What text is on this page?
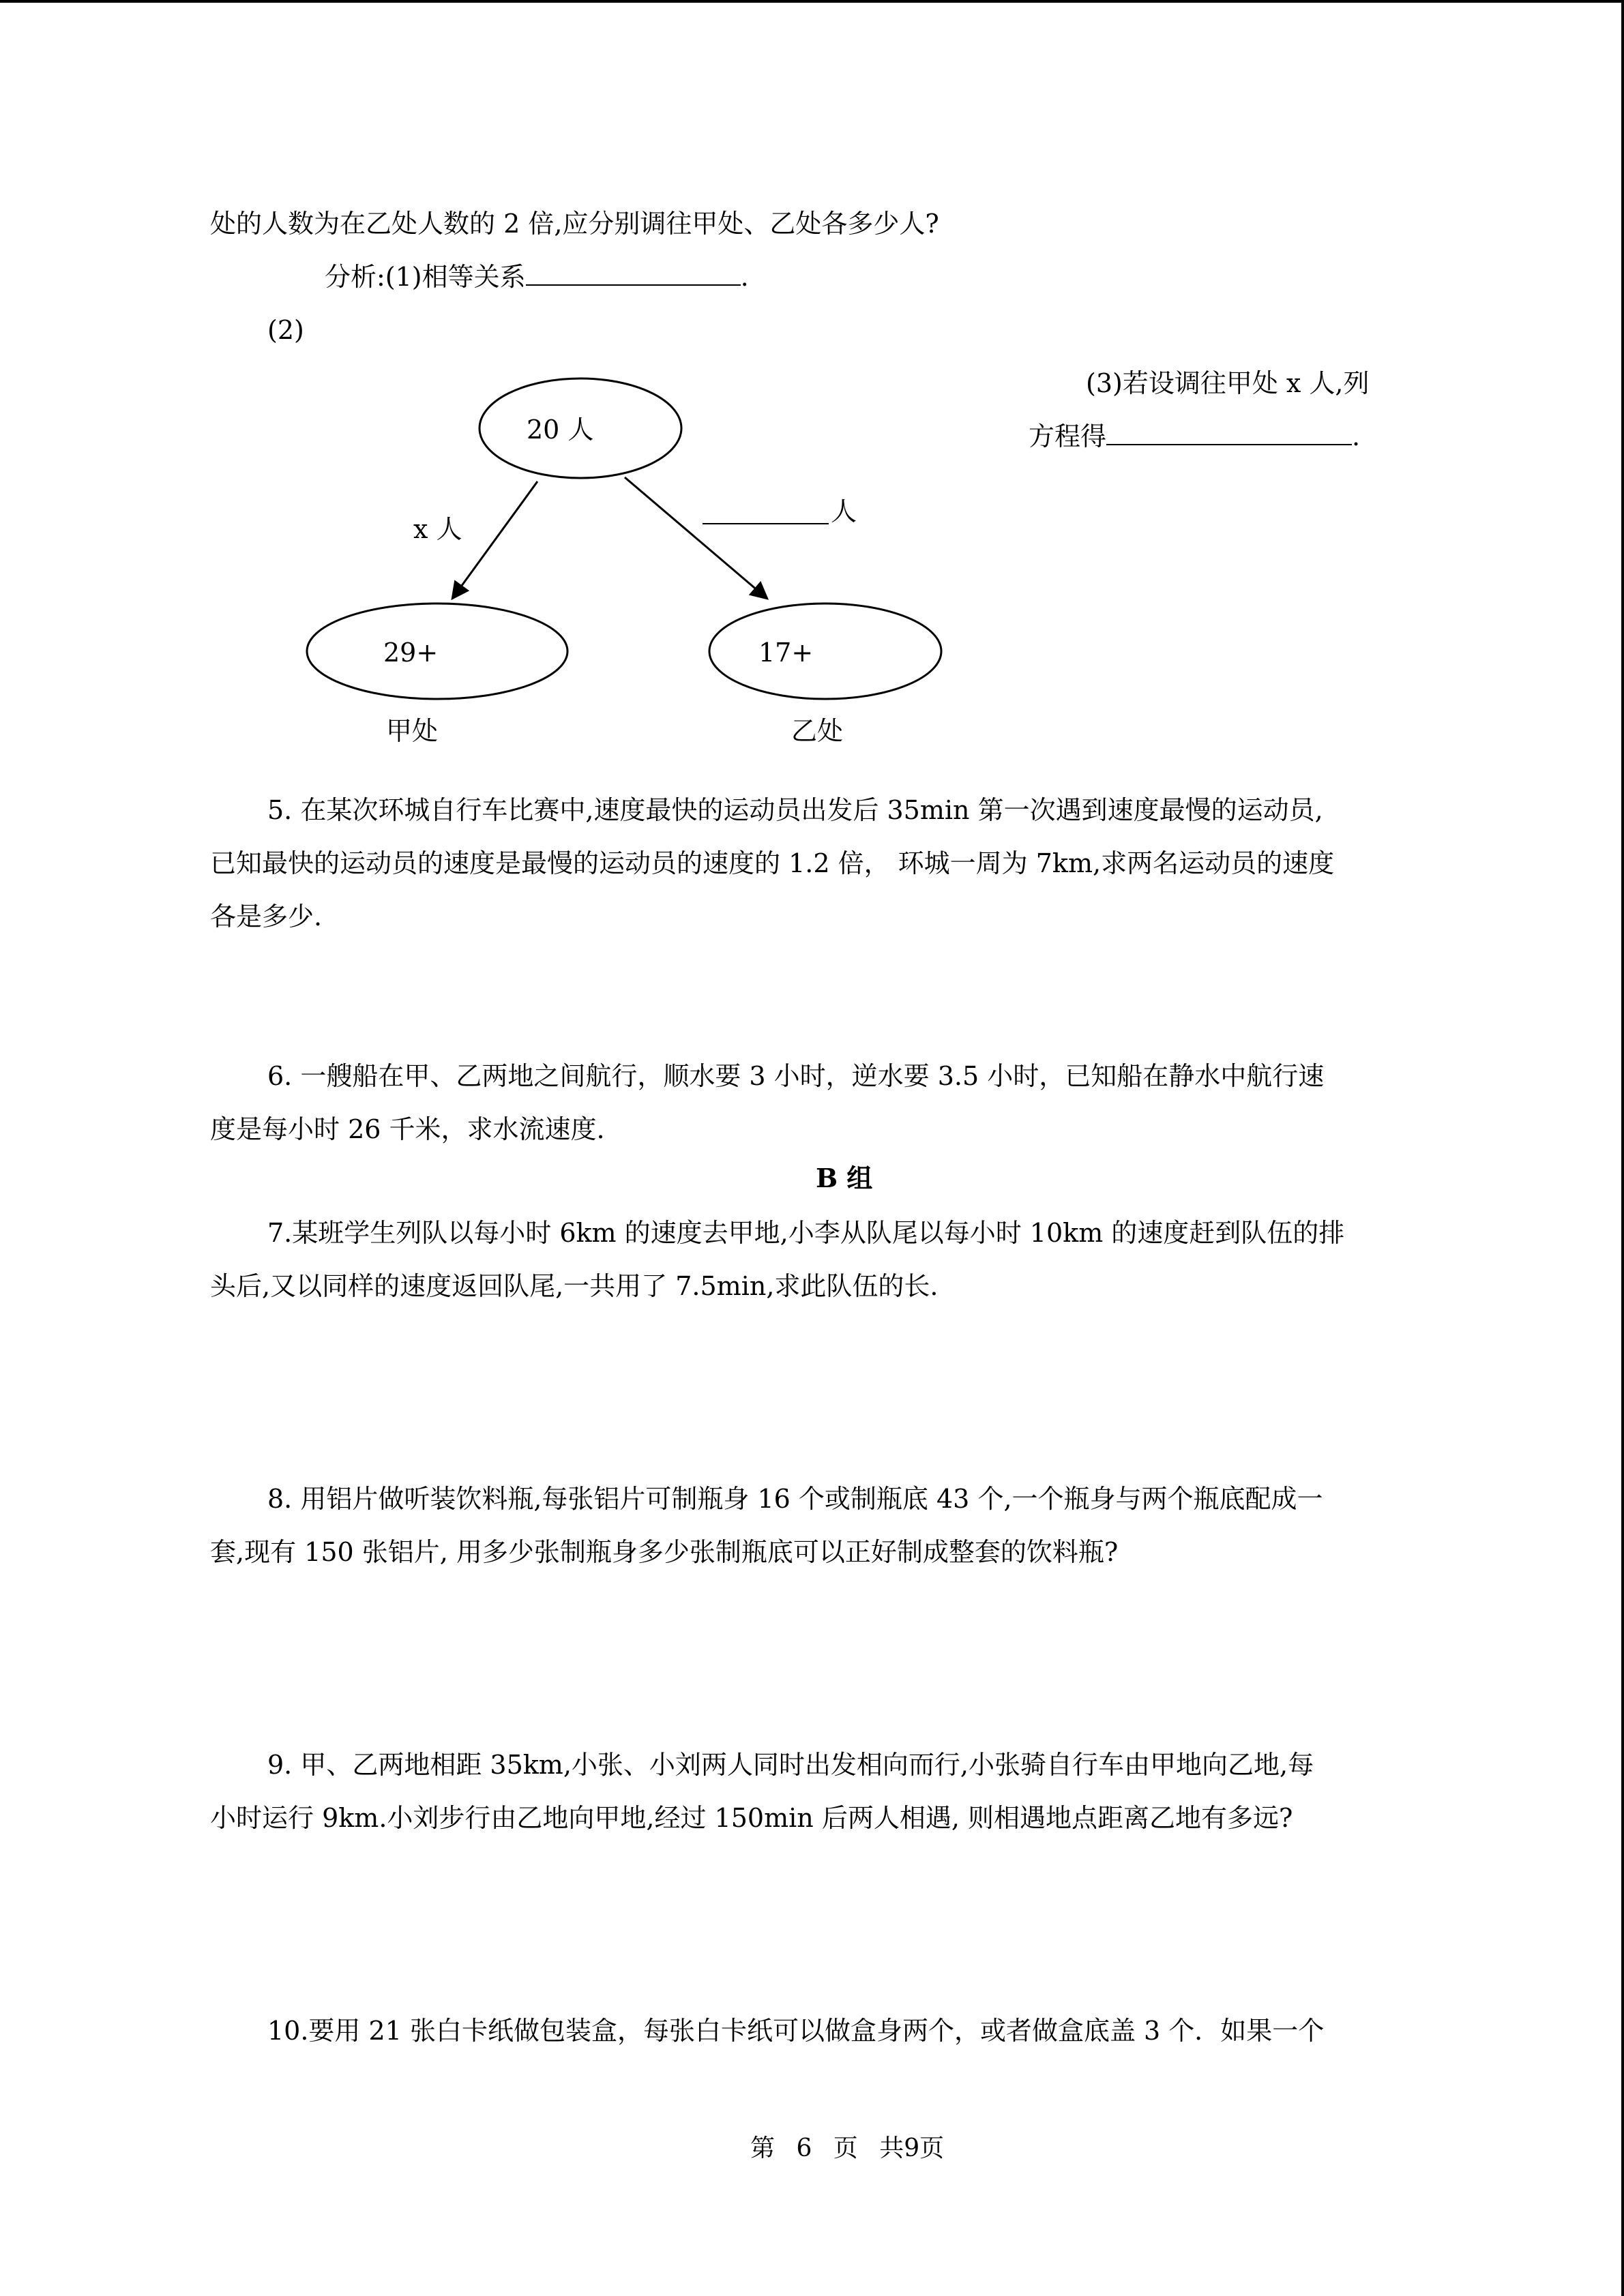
处的人数为在乙处人数的 2 倍,应分别调往甲处、乙处各多少人?
分析:(1)相等关系	.
(2)
(3)若设调往甲处 x 人,列
方程得	.
20 人
29+	17+
x 人
人
甲处	乙处
5. 在某次环城自行车比赛中,速度最快的运动员出发后 35min 第一次遇到速度最慢的运动员,
已知最快的运动员的速度是最慢的运动员的速度的 1.2 倍， 环城一周为 7km,求两名运动员的速度
各是多少.
6. 一艘船在甲、乙两地之间航行，顺水要 3 小时，逆水要 3.5 小时，已知船在静水中航行速
度是每小时 26 千米，求水流速度.
B 组
7.某班学生列队以每小时 6km 的速度去甲地,小李从队尾以每小时 10km 的速度赶到队伍的排
头后,又以同样的速度返回队尾,一共用了 7.5min,求此队伍的长.
8. 用铝片做听装饮料瓶,每张铝片可制瓶身 16 个或制瓶底 43 个,一个瓶身与两个瓶底配成一
套,现有 150 张铝片, 用多少张制瓶身多少张制瓶底可以正好制成整套的饮料瓶?
9. 甲、乙两地相距 35km,小张、小刘两人同时出发相向而行,小张骑自行车由甲地向乙地,每
小时运行 9km.小刘步行由乙地向甲地,经过 150min 后两人相遇, 则相遇地点距离乙地有多远?
10.要用 21 张白卡纸做包装盒，每张白卡纸可以做盒身两个，或者做盒底盖 3 个．如果一个
第 6 页 共9页
